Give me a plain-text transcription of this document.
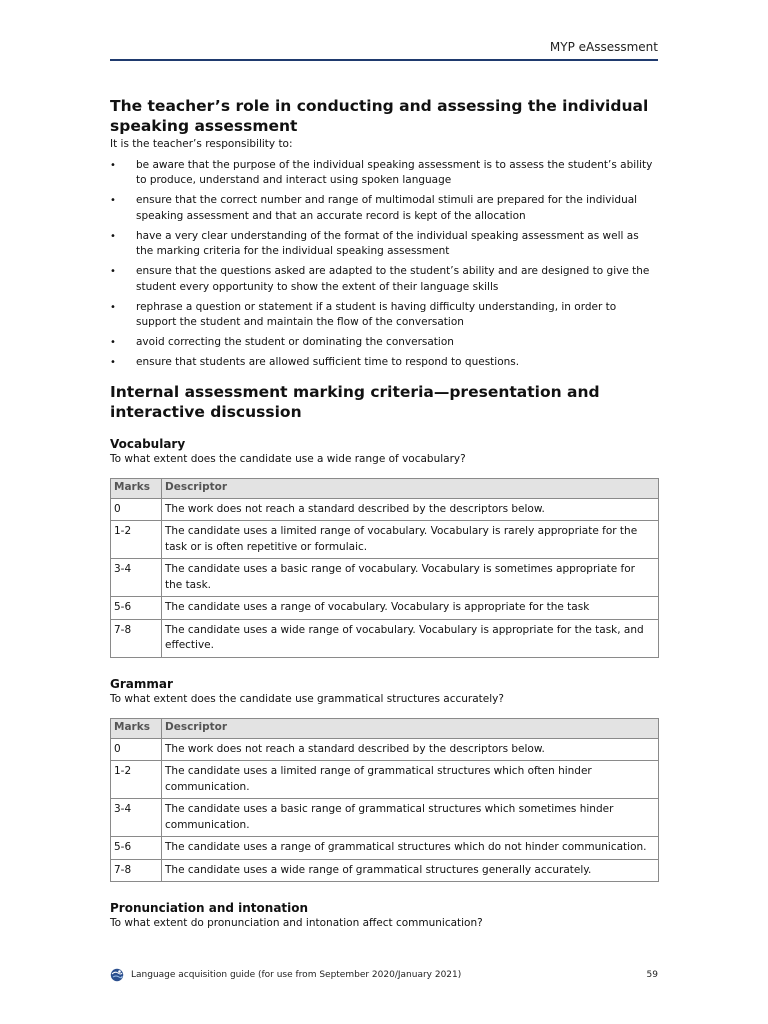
MYP eAssessment
The teacher’s role in conducting and assessing the individual speaking assessment

It is the teacher’s responsibility to:

• be aware that the purpose of the individual speaking assessment is to assess the student’s ability to produce, understand and interact using spoken language
• ensure that the correct number and range of multimodal stimuli are prepared for the individual speaking assessment and that an accurate record is kept of the allocation
• have a very clear understanding of the format of the individual speaking assessment as well as the marking criteria for the individual speaking assessment
• ensure that the questions asked are adapted to the student’s ability and are designed to give the student every opportunity to show the extent of their language skills
• rephrase a question or statement if a student is having difficulty understanding, in order to support the student and maintain the flow of the conversation
• avoid correcting the student or dominating the conversation
• ensure that students are allowed sufficient time to respond to questions.
Internal assessment marking criteria—presentation and interactive discussion
Vocabulary

To what extent does the candidate use a wide range of vocabulary?

Marks	Descriptor
0	The work does not reach a standard described by the descriptors below.
1-2	The candidate uses a limited range of vocabulary. Vocabulary is rarely appropriate for the task or is often repetitive or formulaic.
3-4	The candidate uses a basic range of vocabulary. Vocabulary is sometimes appropriate for the task.
5-6	The candidate uses a range of vocabulary. Vocabulary is appropriate for the task
7-8	The candidate uses a wide range of vocabulary. Vocabulary is appropriate for the task, and effective.
Grammar

To what extent does the candidate use grammatical structures accurately?

Marks	Descriptor
0	The work does not reach a standard described by the descriptors below.
1-2	The candidate uses a limited range of grammatical structures which often hinder communication.
3-4	The candidate uses a basic range of grammatical structures which sometimes hinder communication.
5-6	The candidate uses a range of grammatical structures which do not hinder communication.
7-8	The candidate uses a wide range of grammatical structures generally accurately.
Pronunciation and intonation

To what extent do pronunciation and intonation affect communication?

Language acquisition guide (for use from September 2020/January 2021)	59
